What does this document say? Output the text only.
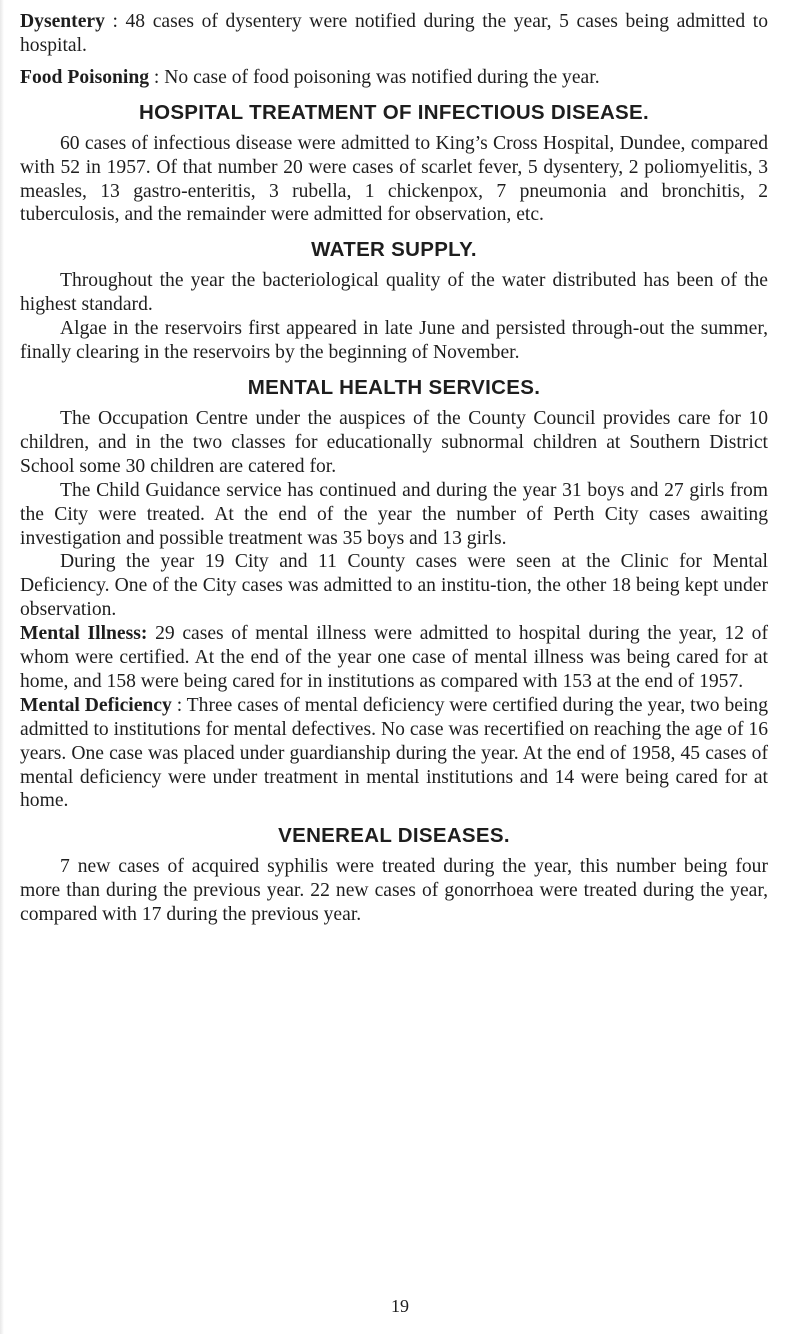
Dysentery : 48 cases of dysentery were notified during the year, 5 cases being admitted to hospital.

Food Poisoning : No case of food poisoning was notified during the year.

HOSPITAL TREATMENT OF INFECTIOUS DISEASE.

60 cases of infectious disease were admitted to King’s Cross Hospital, Dundee, compared with 52 in 1957. Of that number 20 were cases of scarlet fever, 5 dysentery, 2 poliomyelitis, 3 measles, 13 gastro-enteritis, 3 rubella, 1 chickenpox, 7 pneumonia and bronchitis, 2 tuberculosis, and the remainder were admitted for observation, etc.

WATER SUPPLY.

Throughout the year the bacteriological quality of the water distributed has been of the highest standard.

Algae in the reservoirs first appeared in late June and persisted through-out the summer, finally clearing in the reservoirs by the beginning of November.

MENTAL HEALTH SERVICES.

The Occupation Centre under the auspices of the County Council provides care for 10 children, and in the two classes for educationally subnormal children at Southern District School some 30 children are catered for.

The Child Guidance service has continued and during the year 31 boys and 27 girls from the City were treated. At the end of the year the number of Perth City cases awaiting investigation and possible treatment was 35 boys and 13 girls.

During the year 19 City and 11 County cases were seen at the Clinic for Mental Deficiency. One of the City cases was admitted to an institu-tion, the other 18 being kept under observation.

Mental Illness: 29 cases of mental illness were admitted to hospital during the year, 12 of whom were certified. At the end of the year one case of mental illness was being cared for at home, and 158 were being cared for in institutions as compared with 153 at the end of 1957.

Mental Deficiency : Three cases of mental deficiency were certified during the year, two being admitted to institutions for mental defectives. No case was recertified on reaching the age of 16 years. One case was placed under guardianship during the year. At the end of 1958, 45 cases of mental deficiency were under treatment in mental institutions and 14 were being cared for at home.

VENEREAL DISEASES.

7 new cases of acquired syphilis were treated during the year, this number being four more than during the previous year. 22 new cases of gonorrhoea were treated during the year, compared with 17 during the previous year.

19
